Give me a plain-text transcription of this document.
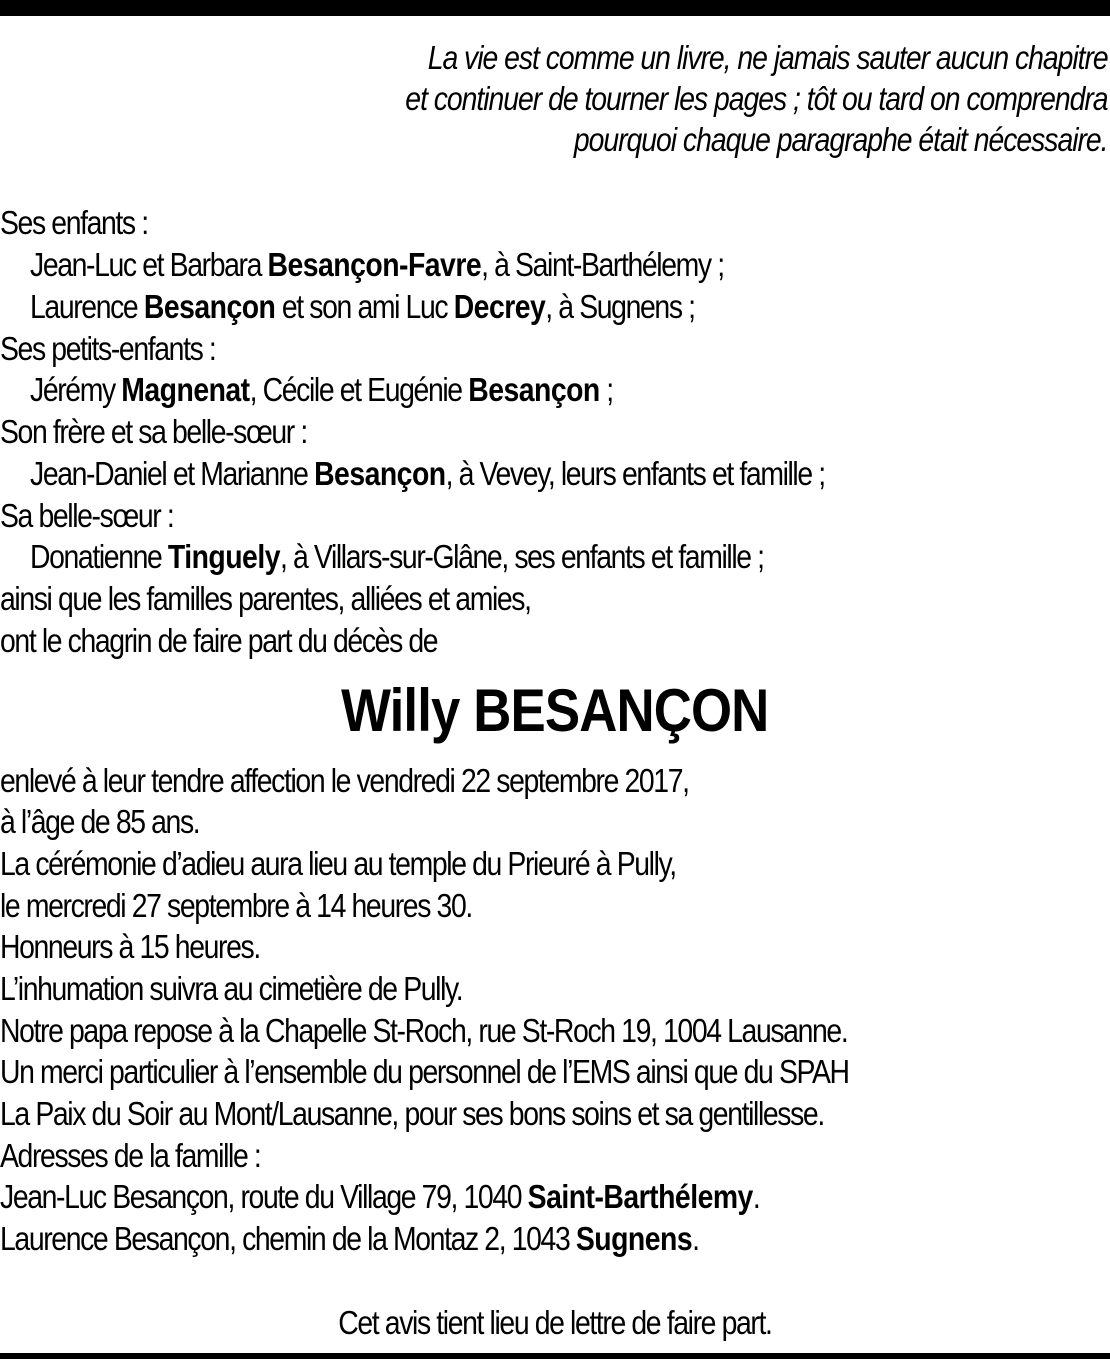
La vie est comme un livre, ne jamais sauter aucun chapitre
et continuer de tourner les pages ; tôt ou tard on comprendra
pourquoi chaque paragraphe était nécessaire.
Ses enfants :
Jean-Luc et Barbara Besançon-Favre, à Saint-Barthélemy ;
Laurence Besançon et son ami Luc Decrey, à Sugnens ;
Ses petits-enfants :
Jérémy Magnenat, Cécile et Eugénie Besançon ;
Son frère et sa belle-sœur :
Jean-Daniel et Marianne Besançon, à Vevey, leurs enfants et famille ;
Sa belle-sœur :
Donatienne Tinguely, à Villars-sur-Glâne, ses enfants et famille ;
ainsi que les familles parentes, alliées et amies,
ont le chagrin de faire part du décès de
Willy BESANÇON
enlevé à leur tendre affection le vendredi 22 septembre 2017,
à l’âge de 85 ans.
La cérémonie d’adieu aura lieu au temple du Prieuré à Pully,
le mercredi 27 septembre à 14 heures 30.
Honneurs à 15 heures.
L’inhumation suivra au cimetière de Pully.
Notre papa repose à la Chapelle St-Roch, rue St-Roch 19, 1004 Lausanne.
Un merci particulier à l’ensemble du personnel de l’EMS ainsi que du SPAH
La Paix du Soir au Mont/Lausanne, pour ses bons soins et sa gentillesse.
Adresses de la famille :
Jean-Luc Besançon, route du Village 79, 1040 Saint-Barthélemy.
Laurence Besançon, chemin de la Montaz 2, 1043 Sugnens.
Cet avis tient lieu de lettre de faire part.
